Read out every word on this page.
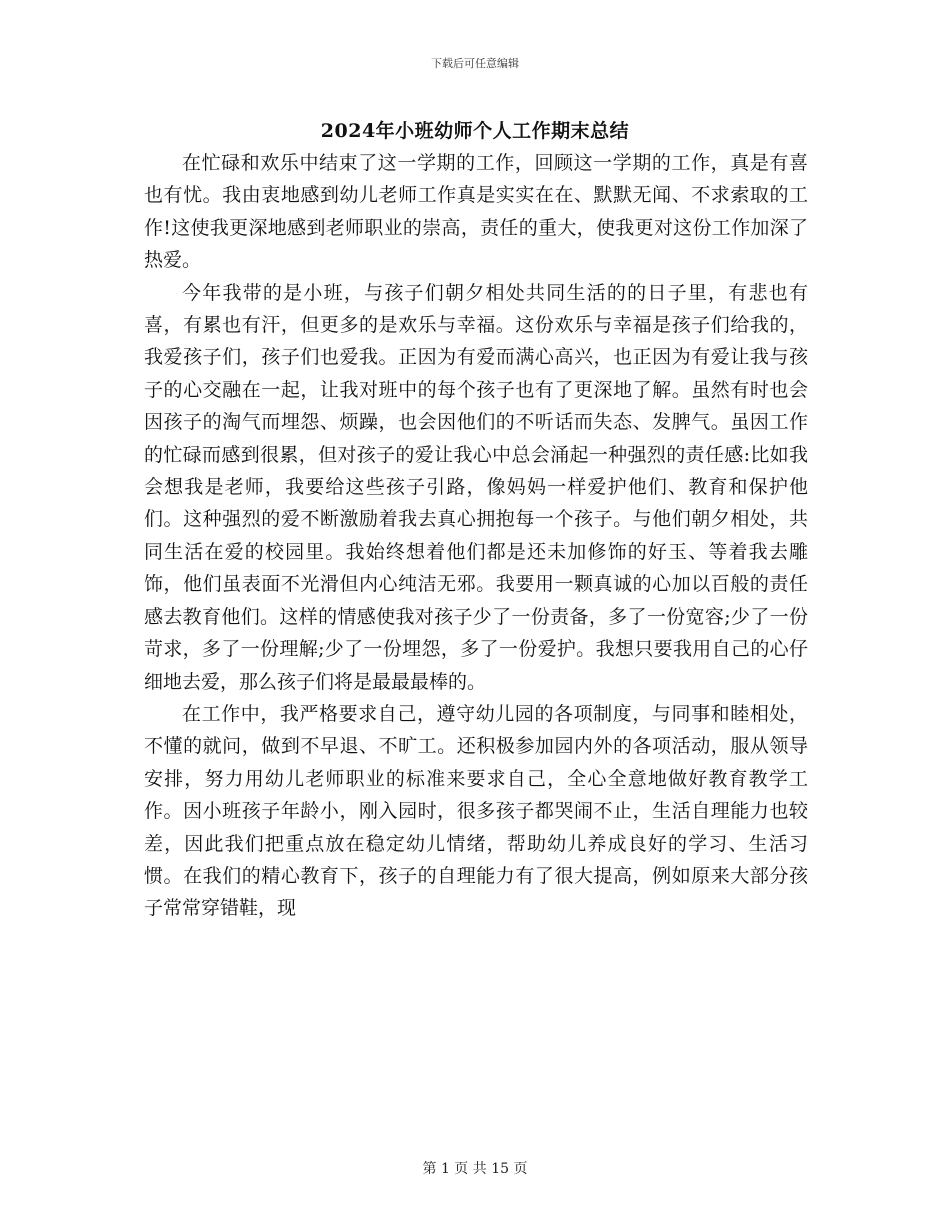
下载后可任意编辑
2024年小班幼师个人工作期末总结

在忙碌和欢乐中结束了这一学期的工作，回顾这一学期的工作，真是有喜也有忧。我由衷地感到幼儿老师工作真是实实在在、默默无闻、不求索取的工作!这使我更深地感到老师职业的崇高，责任的重大，使我更对这份工作加深了热爱。

今年我带的是小班，与孩子们朝夕相处共同生活的的日子里，有悲也有喜，有累也有汗，但更多的是欢乐与幸福。这份欢乐与幸福是孩子们给我的，我爱孩子们，孩子们也爱我。正因为有爱而满心高兴，也正因为有爱让我与孩子的心交融在一起，让我对班中的每个孩子也有了更深地了解。虽然有时也会因孩子的淘气而埋怨、烦躁，也会因他们的不听话而失态、发脾气。虽因工作的忙碌而感到很累，但对孩子的爱让我心中总会涌起一种强烈的责任感:比如我会想我是老师，我要给这些孩子引路，像妈妈一样爱护他们、教育和保护他们。这种强烈的爱不断激励着我去真心拥抱每一个孩子。与他们朝夕相处，共同生活在爱的校园里。我始终想着他们都是还未加修饰的好玉、等着我去雕饰，他们虽表面不光滑但内心纯洁无邪。我要用一颗真诚的心加以百般的责任感去教育他们。这样的情感使我对孩子少了一份责备，多了一份宽容;少了一份苛求，多了一份理解;少了一份埋怨，多了一份爱护。我想只要我用自己的心仔细地去爱，那么孩子们将是最最最棒的。

在工作中，我严格要求自己，遵守幼儿园的各项制度，与同事和睦相处，不懂的就问，做到不早退、不旷工。还积极参加园内外的各项活动，服从领导安排，努力用幼儿老师职业的标准来要求自己，全心全意地做好教育教学工作。因小班孩子年龄小，刚入园时，很多孩子都哭闹不止，生活自理能力也较差，因此我们把重点放在稳定幼儿情绪，帮助幼儿养成良好的学习、生活习惯。在我们的精心教育下，孩子的自理能力有了很大提高，例如原来大部分孩子常常穿错鞋，现

第 1 页 共 15 页
